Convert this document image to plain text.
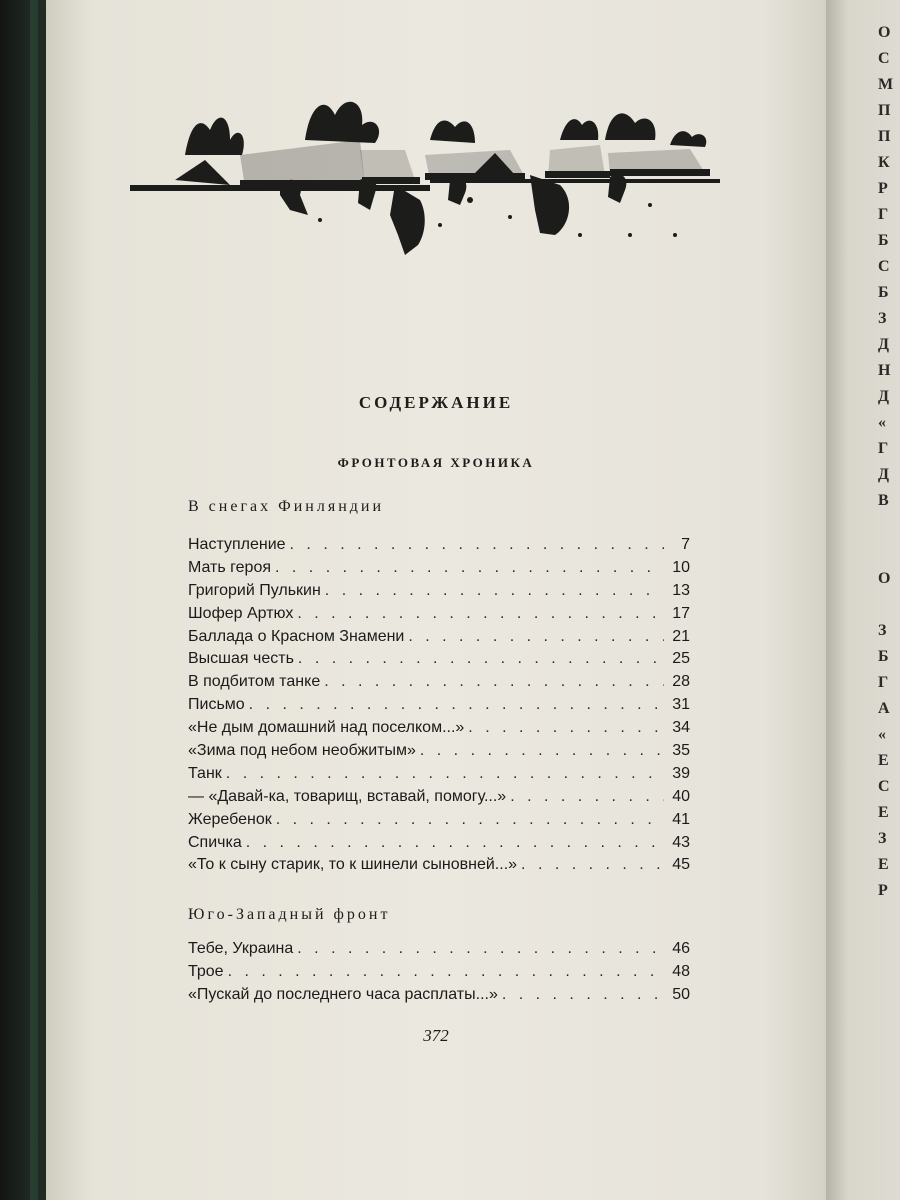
О
С
М
П
П
К
Р
Г
Б
С
Б
З
Д
Н
Д
«
Г
Д
В
О
З
Б
Г
А
«
Е
С
Е
З
Е
Р
СОДЕРЖАНИЕ
ФРОНТОВАЯ ХРОНИКА
В снегах Финляндии
Наступление . . .	7
Мать героя . . .	10
Григорий Пулькин . . .	13
Шофер Артюх . . .	17
Баллада о Красном Знамени . . .	21
Высшая честь . . .	25
В подбитом танке . . .	28
Письмо . . .	31
«Не дым домашний над поселком...» . . .	34
«Зима под небом необжитым» . . .	35
Танк . . .	39
— «Давай-ка, товарищ, вставай, помогу...» . . .	40
Жеребенок . . .	41
Спичка . . .	43
«То к сыну старик, то к шинели сыновней...» . . .	45
Юго-Западный фронт
Тебе, Украина . . .	46
Трое . . .	48
«Пускай до последнего часа расплаты...» . . .	50

372
